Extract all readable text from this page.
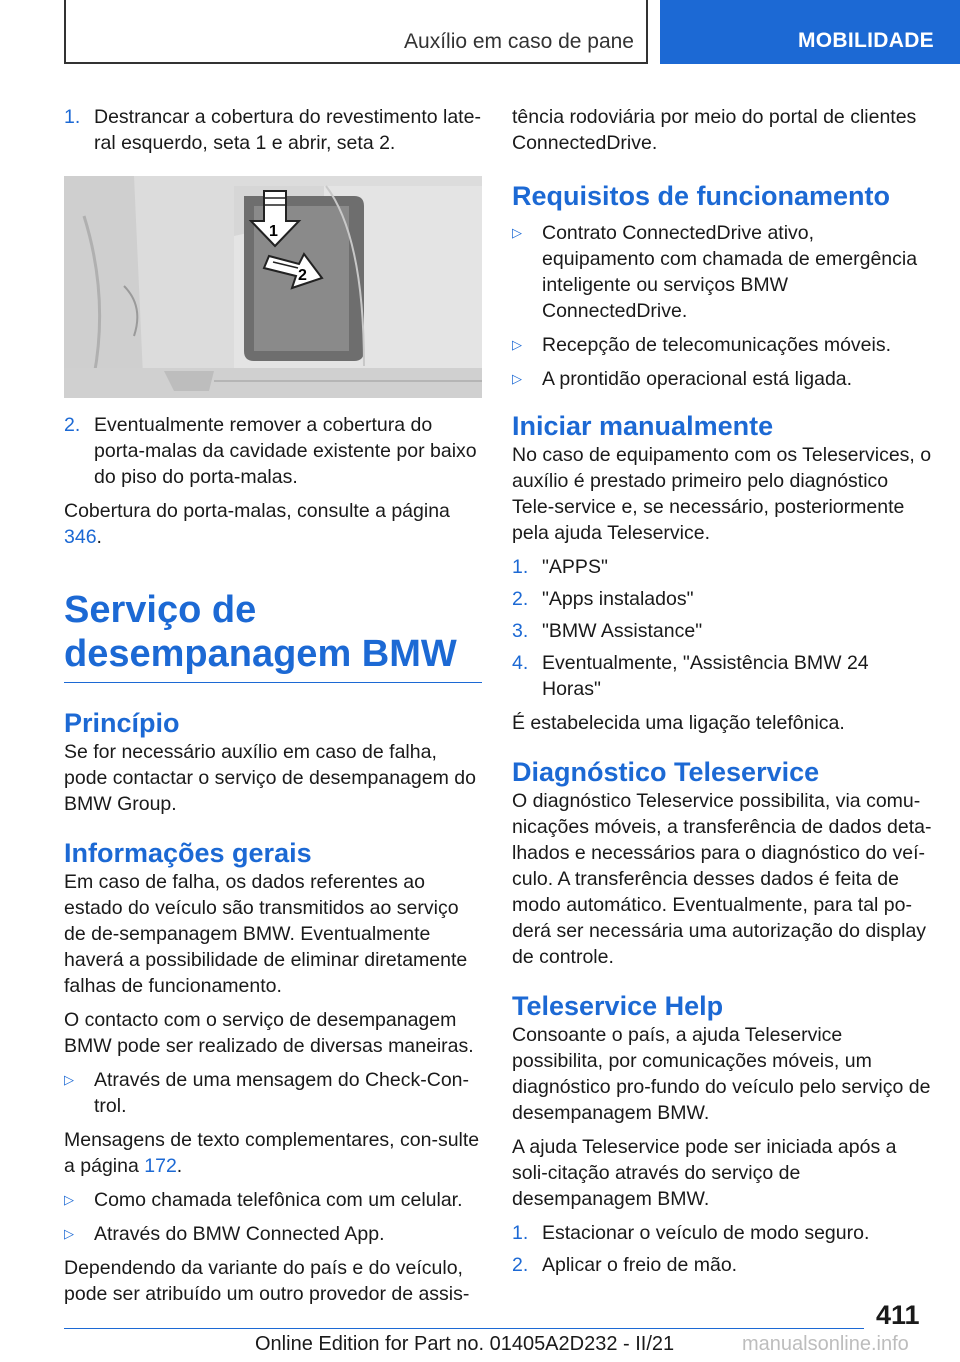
Auxílio em caso de pane	MOBILIDADE
1. Destrancar a cobertura do revestimento late-ral esquerdo, seta 1 e abrir, seta 2.
1
2
2. Eventualmente remover a cobertura do porta-malas da cavidade existente por baixo do piso do porta-malas.

Cobertura do porta-malas, consulte a página 346.

Serviço de desempanagem BMW
Princípio

Se for necessário auxílio em caso de falha, pode contactar o serviço de desempanagem do BMW Group.

Informações gerais

Em caso de falha, os dados referentes ao estado do veículo são transmitidos ao serviço de de-sempanagem BMW. Eventualmente haverá a possibilidade de eliminar diretamente falhas de funcionamento.

O contacto com o serviço de desempanagem BMW pode ser realizado de diversas maneiras.

▷	Através de uma mensagem do Check-Con-trol.

Mensagens de texto complementares, con-sulte a página 172.

▷	Como chamada telefônica com um celular.
▷	Através do BMW Connected App.

Dependendo da variante do país e do veículo, pode ser atribuído um outro provedor de assis-

tência rodoviária por meio do portal de clientes ConnectedDrive.

Requisitos de funcionamento
▷	Contrato ConnectedDrive ativo, equipamento com chamada de emergência inteligente ou serviços BMW ConnectedDrive.
▷	Recepção de telecomunicações móveis.
▷	A prontidão operacional está ligada.
Iniciar manualmente

No caso de equipamento com os Teleservices, o auxílio é prestado primeiro pelo diagnóstico Tele-service e, se necessário, posteriormente pela ajuda Teleservice.

1. "APPS"
2. "Apps instalados"
3. "BMW Assistance"
4. Eventualmente, "Assistência BMW 24 Horas"

É estabelecida uma ligação telefônica.

Diagnóstico Teleservice

O diagnóstico Teleservice possibilita, via comu-nicações móveis, a transferência de dados deta-lhados e necessários para o diagnóstico do veí-culo. A transferência desses dados é feita de modo automático. Eventualmente, para tal po-derá ser necessária uma autorização do display de controle.

Teleservice Help

Consoante o país, a ajuda Teleservice possibilita, por comunicações móveis, um diagnóstico pro-fundo do veículo pelo serviço de desempanagem BMW.

A ajuda Teleservice pode ser iniciada após a soli-citação através do serviço de desempanagem BMW.

1. Estacionar o veículo de modo seguro.
2. Aplicar o freio de mão.
411
Online Edition for Part no. 01405A2D232 - II/21	manualsonline.info
